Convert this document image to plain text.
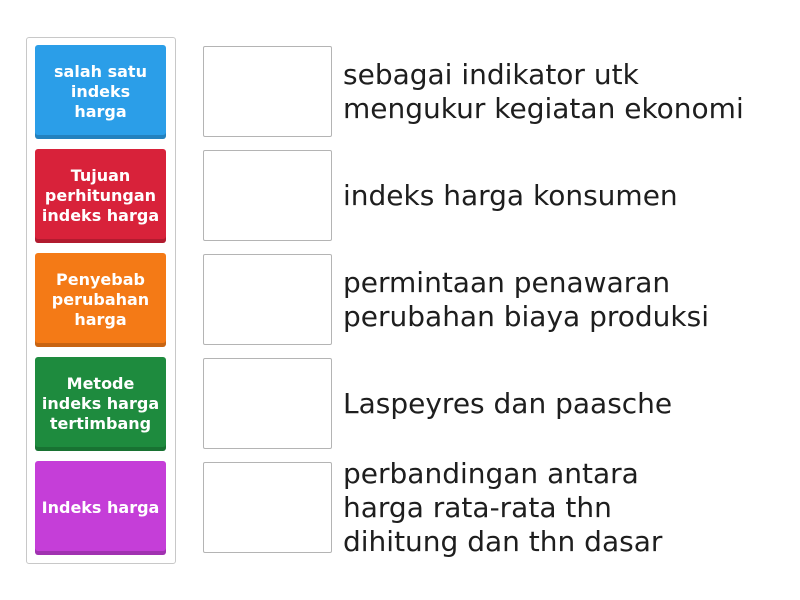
salah satu
indeks
harga
Tujuan
perhitungan
indeks harga
Penyebab
perubahan
harga
Metode
indeks harga
tertimbang
Indeks harga
sebagai indikator utk
mengukur kegiatan ekonomi
indeks harga konsumen
permintaan penawaran
perubahan biaya produksi
Laspeyres dan paasche
perbandingan antara
harga rata-rata thn
dihitung dan thn dasar
